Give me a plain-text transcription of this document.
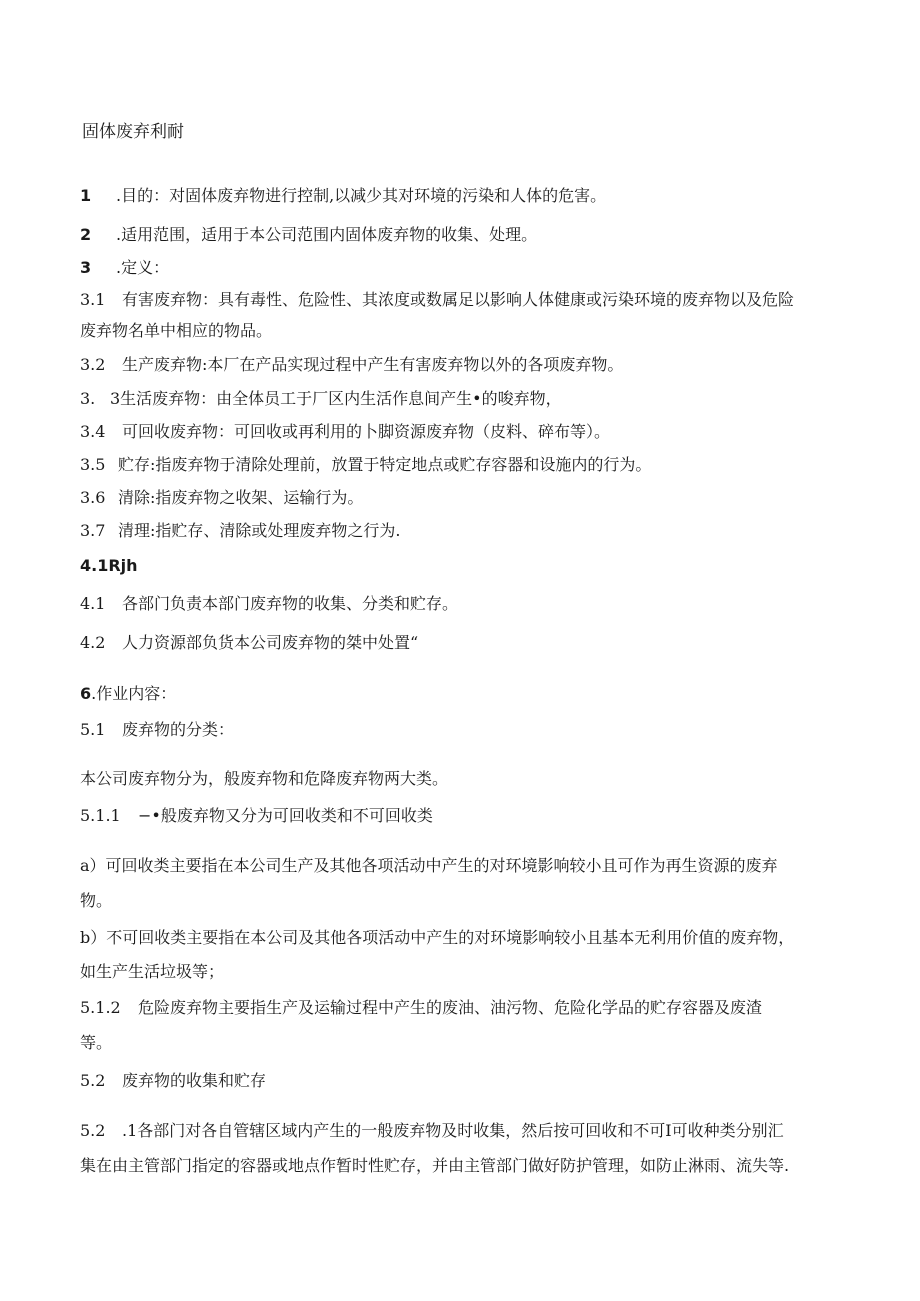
固体废弃利耐
1 .目的：对固体废弃物进行控制,以减少其对环境的污染和人体的危害。
2 .适用范围，适用于本公司范围内固体废弃物的收集、处理。
3 .定义：
3.1 有害废弃物：具有毒性、危险性、其浓度或数属足以影响人体健康或污染环境的废弃物以及危险
废弃物名单中相应的物品。
3.2 生产废弃物:本厂在产品实现过程中产生有害废弃物以外的各项废弃物。
3. 3生活废弃物：由全体员工于厂区内生活作息间产生•的唆弃物，
3.4 可回收废弃物：可回收或再利用的卜脚资源废弃物（皮料、碎布等）。
3.5 贮存:指废弃物于清除处理前，放置于特定地点或贮存容器和设施内的行为。
3.6 清除:指废弃物之收架、运输行为。
3.7 清理:指贮存、清除或处理废弃物之行为.
4.1Rjh
4.1 各部门负责本部门废弃物的收集、分类和贮存。
4.2 人力资源部负货本公司废弃物的桀中处置“
6.作业内容：
5.1 废弃物的分类：
本公司废弃物分为，般废弃物和危降废弃物两大类。
5.1.1 −•般废弃物又分为可回收类和不可回收类
a）可回收类主要指在本公司生产及其他各项活动中产生的对环境影响较小且可作为再生资源的废弃
物。
b）不可回收类主要指在本公司及其他各项活动中产生的对环境影响较小且基本无利用价值的废弃物，
如生产生活垃圾等；
5.1.2 危险废弃物主要指生产及运输过程中产生的废油、油污物、危险化学品的贮存容器及废渣
等。
5.2 废弃物的收集和贮存
5.2 .1各部门对各自管辖区域内产生的一般废弃物及时收集，然后按可回收和不可I可收种类分别汇
集在由主管部门指定的容器或地点作暂时性贮存，并由主管部门做好防护管理，如防止淋雨、流失等.
